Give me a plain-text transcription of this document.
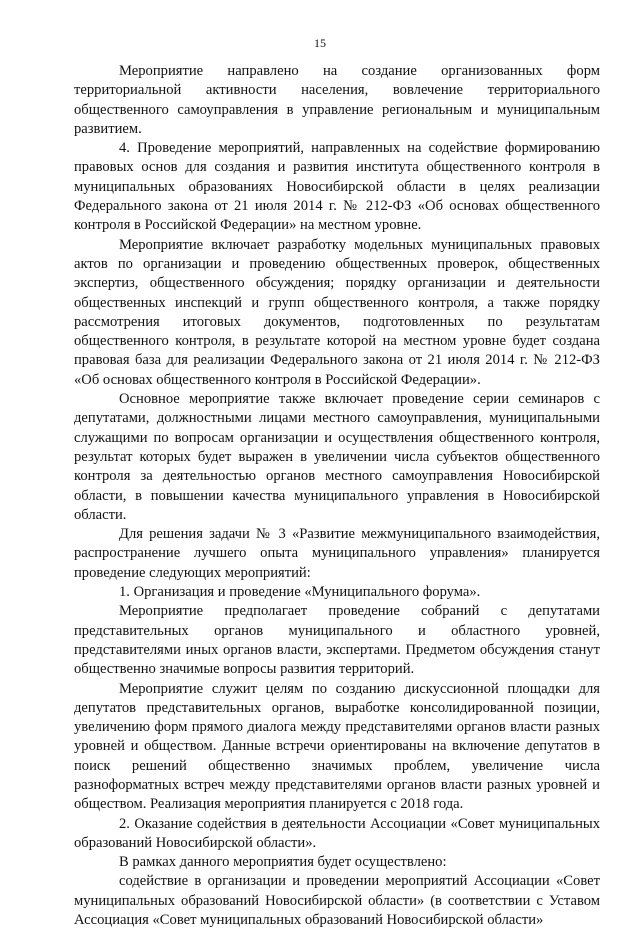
15

Мероприятие направлено на создание организованных форм территориальной активности населения, вовлечение территориального общественного самоуправления в управление региональным и муниципальным развитием.

4. Проведение мероприятий, направленных на содействие формированию правовых основ для создания и развития института общественного контроля в муниципальных образованиях Новосибирской области в целях реализации Федерального закона от 21 июля 2014 г. № 212-ФЗ «Об основах общественного контроля в Российской Федерации» на местном уровне.

Мероприятие включает разработку модельных муниципальных правовых актов по организации и проведению общественных проверок, общественных экспертиз, общественного обсуждения; порядку организации и деятельности общественных инспекций и групп общественного контроля, а также порядку рассмотрения итоговых документов, подготовленных по результатам общественного контроля, в результате которой на местном уровне будет создана правовая база для реализации Федерального закона от 21 июля 2014 г. № 212-ФЗ «Об основах общественного контроля в Российской Федерации».

Основное мероприятие также включает проведение серии семинаров с депутатами, должностными лицами местного самоуправления, муниципальными служащими по вопросам организации и осуществления общественного контроля, результат которых будет выражен в увеличении числа субъектов общественного контроля за деятельностью органов местного самоуправления Новосибирской области, в повышении качества муниципального управления в Новосибирской области.

Для решения задачи № 3 «Развитие межмуниципального взаимодействия, распространение лучшего опыта муниципального управления» планируется проведение следующих мероприятий:

1. Организация и проведение «Муниципального форума».

Мероприятие предполагает проведение собраний с депутатами представительных органов муниципального и областного уровней, представителями иных органов власти, экспертами. Предметом обсуждения станут общественно значимые вопросы развития территорий.

Мероприятие служит целям по созданию дискуссионной площадки для депутатов представительных органов, выработке консолидированной позиции, увеличению форм прямого диалога между представителями органов власти разных уровней и обществом. Данные встречи ориентированы на включение депутатов в поиск решений общественно значимых проблем, увеличение числа разноформатных встреч между представителями органов власти разных уровней и обществом. Реализация мероприятия планируется с 2018 года.

2. Оказание содействия в деятельности Ассоциации «Совет муниципальных образований Новосибирской области».

В рамках данного мероприятия будет осуществлено:

содействие в организации и проведении мероприятий Ассоциации «Совет муниципальных образований Новосибирской области» (в соответствии с Уставом Ассоциация «Совет муниципальных образований Новосибирской области»
